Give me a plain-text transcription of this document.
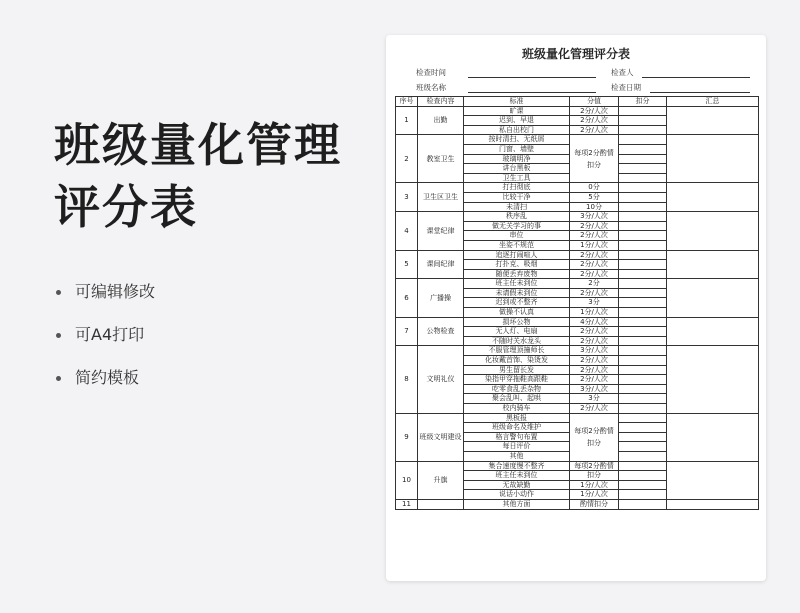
班级量化管理
评分表
可编辑修改
可A4打印
简约模板
班级量化管理评分表
检查时间	检查人
班级名称	检查日期
序号	检查内容	标准	分值	扣分	汇总
1	出勤	旷课	2分/人次		
		迟到、早退	2分/人次		
		私自出校门	2分/人次		
2	教室卫生	按时清扫、无纸屑	每项2分酌情扣分		
		门窗、墙壁			
		玻璃明净			
		讲台黑板			
		卫生工具			
3	卫生区卫生	打扫彻底	0分		
		比较干净	5分		
		未清扫	10分		
4	课堂纪律	秩序乱	3分/人次		
		做无关学习的事	2分/人次		
		串位	2分/人次		
		坐姿不规范	1分/人次		
5	课间纪律	追逐打闹喧人	2分/人次		
		打扑克、吸烟	2分/人次		
		随便丢弃废物	2分/人次		
6	广播操	班主任未到位	2分		
		未请假未到位	2分/人次		
		迟到或不整齐	3分		
		做操不认真	1分/人次		
7	公物检查	损坏公物	4分/人次		
		无人灯、电扇	2分/人次		
		不随时关水龙头	2分/人次		
8	文明礼仪	不服管理顶撞师长	3分/人次		
		化妆戴首饰、染烫发	2分/人次		
		男生留长发	2分/人次		
		染指甲穿拖鞋高跟鞋	2分/人次		
		吃零食乱丢杂物	3分/人次		
		聚会乱叫、起哄	3分		
		校内骑车	2分/人次		
9	班级文明建设	黑板报	每项2分酌情扣分		
		班级命名及维护			
		格言警句布置			
		每日评价			
		其他			
10	升旗	集合速度慢不整齐	每项2分酌情		
		班主任未到位	扣分		
		无故缺勤	1分/人次		
		说话小动作	1分/人次		
11		其他方面	酌情扣分		
